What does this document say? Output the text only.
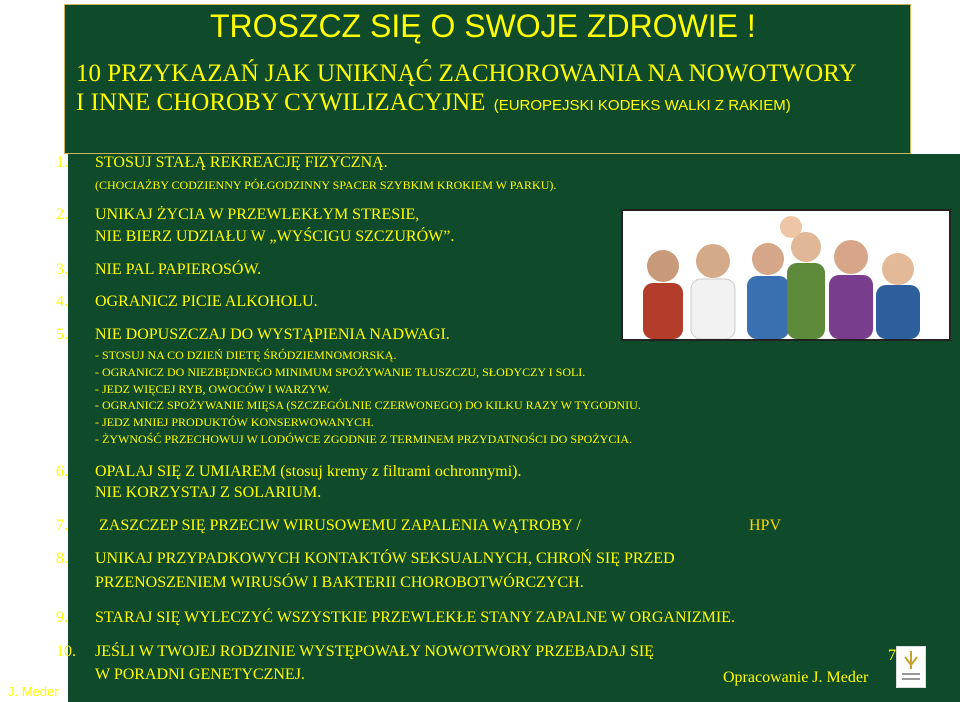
TROSZCZ SIĘ O SWOJE ZDROWIE !
10 PRZYKAZAŃ JAK UNIKNĄĆ ZACHOROWANIA NA NOWOTWORY
I INNE CHOROBY CYWILIZACYJNE (EUROPEJSKI KODEKS WALKI Z RAKIEM)
1. STOSUJ STAŁĄ REKREACJĘ FIZYCZNĄ.
(CHOCIAŻBY CODZIENNY PÓŁGODZINNY SPACER SZYBKIM KROKIEM W PARKU).
2. UNIKAJ ŻYCIA W PRZEWLEKŁYM STRESIE,
NIE BIERZ UDZIAŁU W „WYŚCIGU SZCZURÓW”.
3. NIE PAL PAPIEROSÓW.
4. OGRANICZ PICIE ALKOHOLU.
5. NIE DOPUSZCZAJ DO WYSTĄPIENIA NADWAGI.
- STOSUJ NA CO DZIEŃ DIETĘ ŚRÓDZIEMNOMORSKĄ.
- OGRANICZ DO NIEZBĘDNEGO MINIMUM SPOŻYWANIE TŁUSZCZU, SŁODYCZY I SOLI.
- JEDZ WIĘCEJ RYB, OWOCÓW I WARZYW.
- OGRANICZ SPOŻYWANIE MIĘSA (SZCZEGÓLNIE CZERWONEGO) DO KILKU RAZY W TYGODNIU.
- JEDZ MNIEJ PRODUKTÓW KONSERWOWANYCH.
- ŻYWNOŚĆ PRZECHOWUJ W LODÓWCE ZGODNIE Z TERMINEM PRZYDATNOŚCI DO SPOŻYCIA.
6. OPALAJ SIĘ Z UMIAREM (stosuj kremy z filtrami ochronnymi).
NIE KORZYSTAJ Z SOLARIUM.
7. ZASZCZEP SIĘ PRZECIW WIRUSOWEMU ZAPALENIA WĄTROBY /	HPV
8. UNIKAJ PRZYPADKOWYCH KONTAKTÓW SEKSUALNYCH, CHROŃ SIĘ PRZED
PRZENOSZENIEM WIRUSÓW I BAKTERII CHOROBOTWÓRCZYCH.
9. STARAJ SIĘ WYLECZYĆ WSZYSTKIE PRZEWLEKŁE STANY ZAPALNE W ORGANIZMIE.
10. JEŚLI W TWOJEJ RODZINIE WYSTĘPOWAŁY NOWOTWORY PRZEBADAJ SIĘ
W PORADNI GENETYCZNEJ.
J. Meder
Opracowanie J. Meder
7
